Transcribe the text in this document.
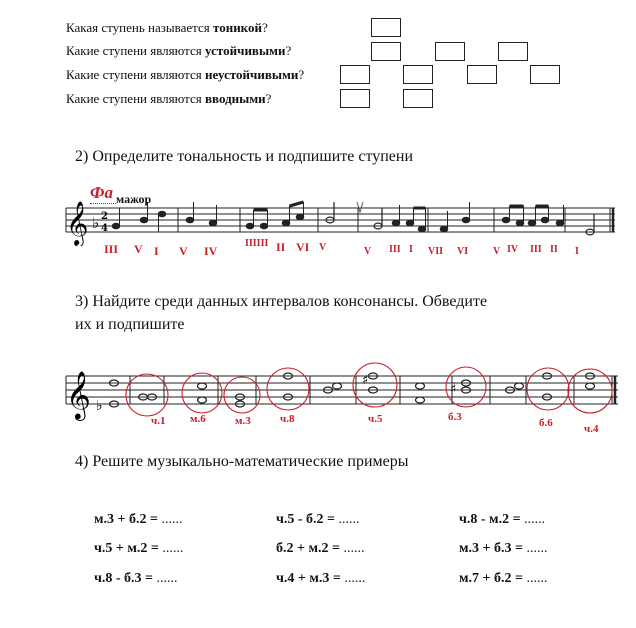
Какая ступень называется тоникой?
Какие ступени являются устойчивыми?
Какие ступени являются неустойчивыми?
Какие ступени являются вводными?
2) Определите тональность и подпишите ступени
Фа мажор
𝄞 ♭ 2
4
III V I V IV
IIIIII II VI V	V III I VII VI V IV III II I
3) Найдите среди данных интервалов консонансы. Обведите
их и подпишите
𝄞 ♭
♯
♯
ч.1 м.6	м.3	ч.8	ч.5	б.3	б.6	ч.4
4) Решите музыкально-математические примеры
м.3 + б.2 = ......	ч.5 - б.2 = ......	ч.8 - м.2 = ......
ч.5 + м.2 = ......	б.2 + м.2 = ......	м.3 + б.3 = ......
ч.8 - б.3 = ......	ч.4 + м.3 = ......	м.7 + б.2 = ......
